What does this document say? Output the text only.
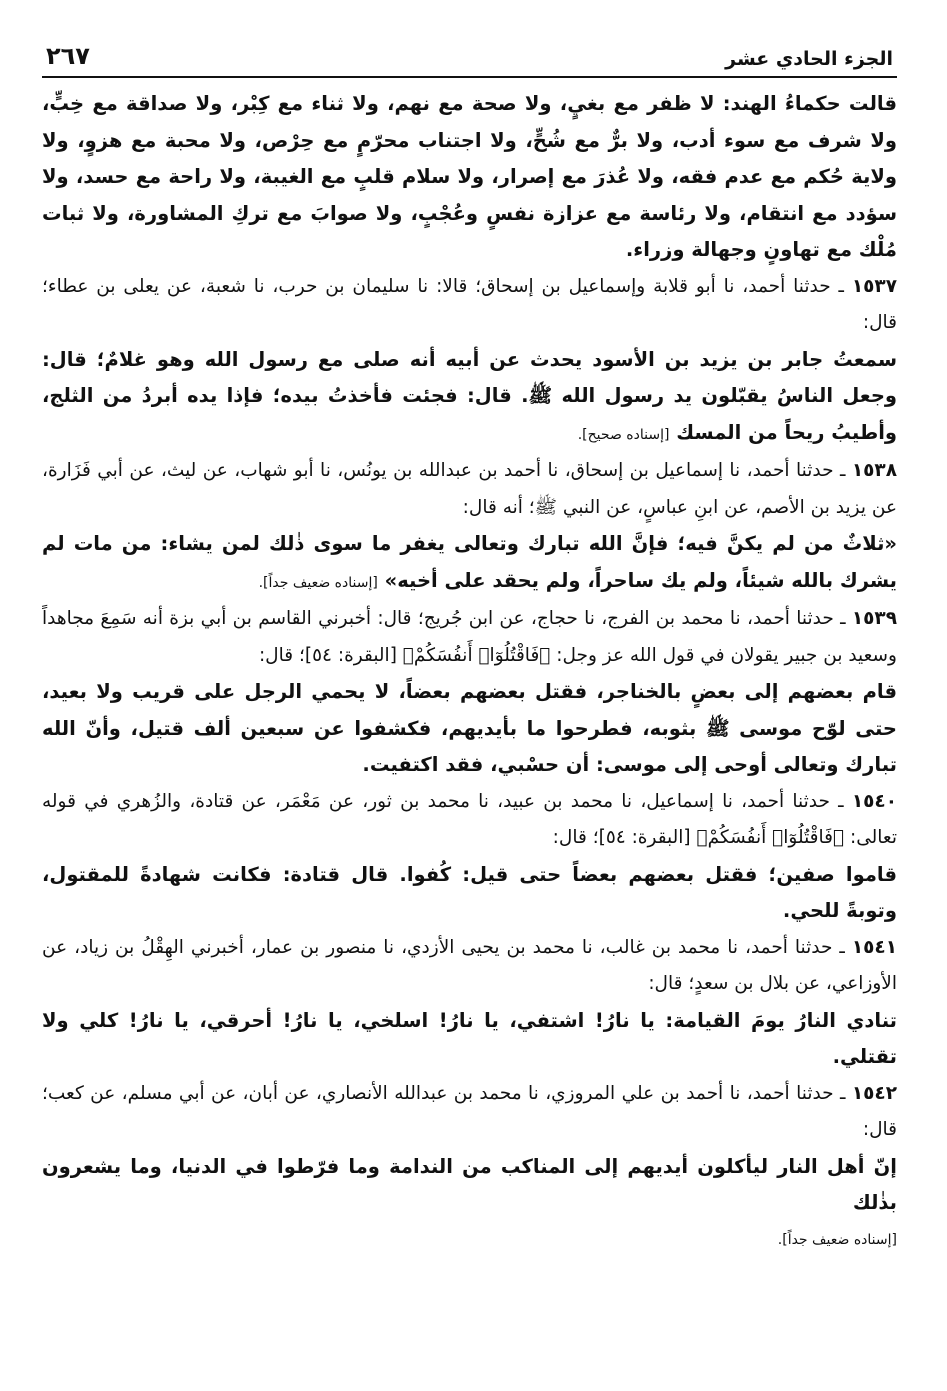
الجزء الحادي عشر
٢٦٧

قالت حكماءُ الهند: لا ظفر مع بغيٍ، ولا صحة مع نهم، ولا ثناء مع كِبْر، ولا صداقة مع خِبٍّ، ولا شرف مع سوء أدب، ولا برٌّ مع شُحٍّ، ولا اجتناب محرّمٍ مع حِرْص، ولا محبة مع هزوٍ، ولا ولاية حُكم مع عدم فقه، ولا عُذرَ مع إصرار، ولا سلام قلبٍ مع الغيبة، ولا راحة مع حسد، ولا سؤدد مع انتقام، ولا رئاسة مع عزازة نفسٍ وعُجْبٍ، ولا صوابَ مع تركِ المشاورة، ولا ثبات مُلْك مع تهاونٍ وجهالة وزراء.

١٥٣٧ ـ حدثنا أحمد، نا أبو قلابة وإسماعيل بن إسحاق؛ قالا: نا سليمان بن حرب، نا شعبة، عن يعلى بن عطاء؛ قال:

سمعتُ جابر بن يزيد بن الأسود يحدث عن أبيه أنه صلى مع رسول الله وهو غلامٌ؛ قال: وجعل الناسُ يقبّلون يد رسول الله ﷺ. قال: فجئت فأخذتُ بيده؛ فإذا يده أبردُ من الثلج، وأطيبُ ريحاً من المسك [إسناده صحيح].

١٥٣٨ ـ حدثنا أحمد، نا إسماعيل بن إسحاق، نا أحمد بن عبدالله بن يونُس، نا أبو شهاب، عن ليث، عن أبي فَزَارة، عن يزيد بن الأصم، عن ابنِ عباسٍ، عن النبي ﷺ؛ أنه قال:

«ثلاثٌ من لم يكنَّ فيه؛ فإنَّ الله تبارك وتعالى يغفر ما سوى ذٰلك لمن يشاء: من مات لم يشرك بالله شيئاً، ولم يك ساحراً، ولم يحقد على أخيه» [إسناده ضعيف جداً].

١٥٣٩ ـ حدثنا أحمد، نا محمد بن الفرج، نا حجاج، عن ابن جُريج؛ قال: أخبرني القاسم بن أبي بزة أنه سَمِعَ مجاهداً وسعيد بن جبير يقولان في قول الله عز وجل: ﴿فَاقْتُلُوٓا۟ أَنفُسَكُمْ﴾ [البقرة: ٥٤]؛ قال:

قام بعضهم إلى بعضٍ بالخناجر، فقتل بعضهم بعضاً، لا يحمي الرجل على قريب ولا بعيد، حتى لوّح موسى ﷺ بثوبه، فطرحوا ما بأيديهم، فكشفوا عن سبعين ألف قتيل، وأنّ الله تبارك وتعالى أوحى إلى موسى: أن حسْبي، فقد اكتفيت.

١٥٤٠ ـ حدثنا أحمد، نا إسماعيل، نا محمد بن عبيد، نا محمد بن ثور، عن مَعْمَر، عن قتادة، والزُهري في قوله تعالى: ﴿فَاقْتُلُوٓا۟ أَنفُسَكُمْ﴾ [البقرة: ٥٤]؛ قال:

قاموا صفين؛ فقتل بعضهم بعضاً حتى قيل: كُفوا. قال قتادة: فكانت شهادةً للمقتول، وتوبةً للحي.

١٥٤١ ـ حدثنا أحمد، نا محمد بن غالب، نا محمد بن يحيى الأزدي، نا منصور بن عمار، أخبرني الهِقْلُ بن زياد، عن الأوزاعي، عن بلال بن سعدٍ؛ قال:

تنادي النارُ يومَ القيامة: يا نارُ! اشتفي، يا نارُ! اسلخي، يا نارُ! أحرقي، يا نارُ! كلي ولا تقتلي.

١٥٤٢ ـ حدثنا أحمد، نا أحمد بن علي المروزي، نا محمد بن عبدالله الأنصاري، عن أبان، عن أبي مسلم، عن كعب؛ قال:

إنّ أهل النار ليأكلون أيديهم إلى المناكب من الندامة وما فرّطوا في الدنيا، وما يشعرون بذٰلك

[إسناده ضعيف جداً].
